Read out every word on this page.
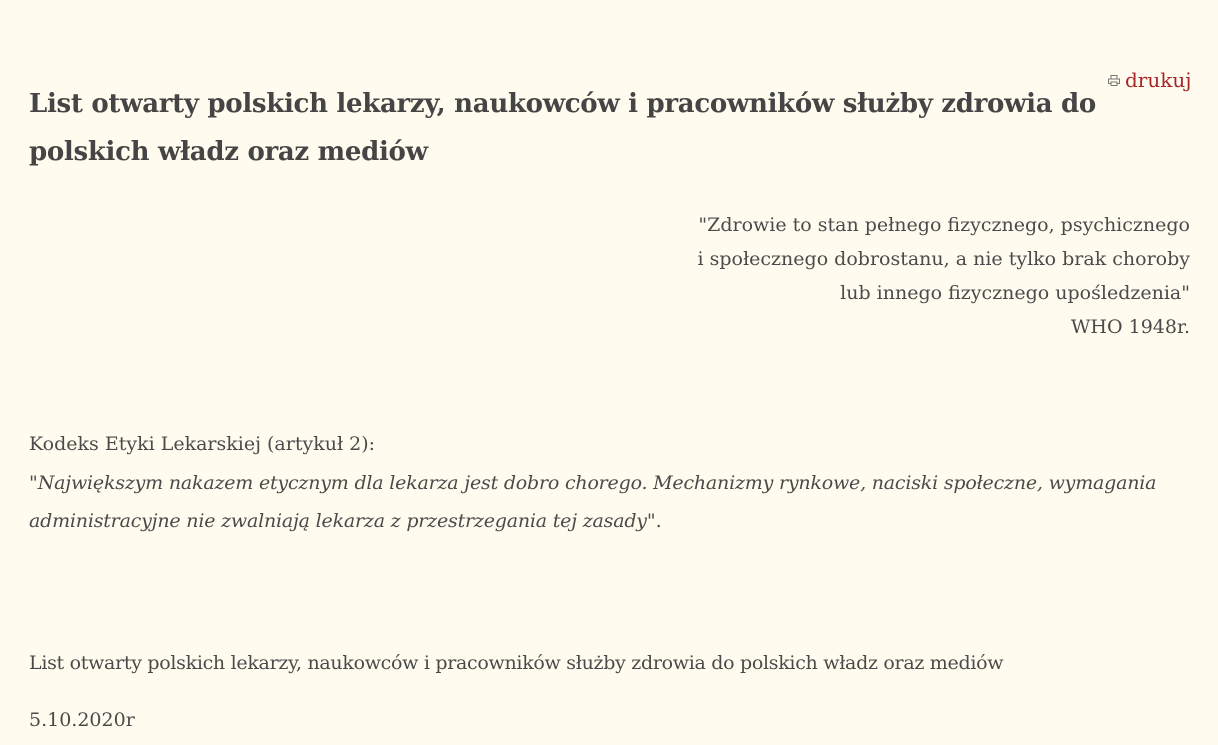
drukuj
List otwarty polskich lekarzy, naukowców i pracowników służby zdrowia do polskich władz oraz mediów
"Zdrowie to stan pełnego fizycznego, psychicznego
i społecznego dobrostanu, a nie tylko brak choroby
lub innego fizycznego upośledzenia"
WHO 1948r.
Kodeks Etyki Lekarskiej (artykuł 2):
"Największym nakazem etycznym dla lekarza jest dobro chorego. Mechanizmy rynkowe, naciski społeczne, wymagania administracyjne nie zwalniają lekarza z przestrzegania tej zasady".
List otwarty polskich lekarzy, naukowców i pracowników służby zdrowia do polskich władz oraz mediów
5.10.2020r
